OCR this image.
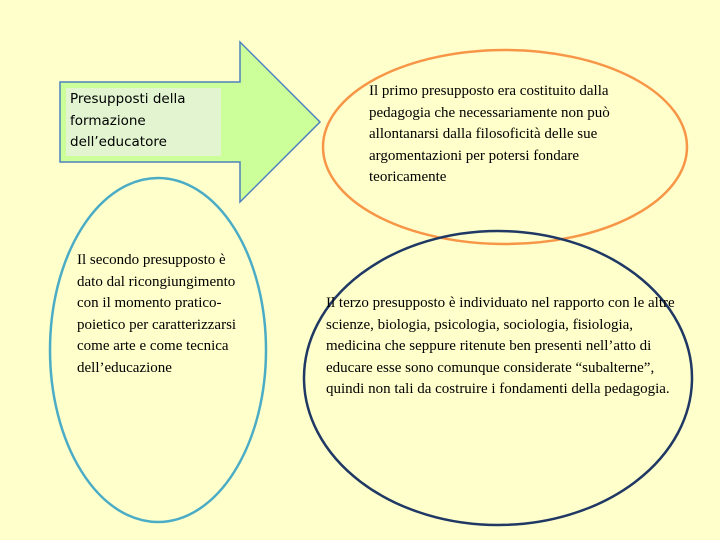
Presupposti della formazione dell’educatore

Il primo presupposto era costituito dalla pedagogia che necessariamente non può allontanarsi dalla filosoficità delle sue argomentazioni per potersi fondare teoricamente

Il secondo presupposto è dato dal ricongiungimento con il momento pratico-poietico per caratterizzarsi come arte e come tecnica dell’educazione

Il terzo presupposto è individuato nel rapporto con le altre scienze, biologia, psicologia, sociologia, fisiologia, medicina che seppure ritenute ben presenti nell’atto di educare esse sono comunque considerate “subalterne”, quindi non tali da costruire i fondamenti della pedagogia.
